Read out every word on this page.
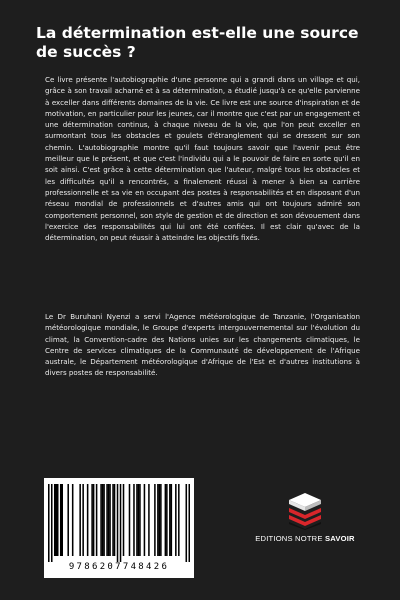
La détermination est-elle une source de succès ?

Ce livre présente l'autobiographie d'une personne qui a grandi dans un village et qui, grâce à son travail acharné et à sa détermination, a étudié jusqu'à ce qu'elle parvienne à exceller dans différents domaines de la vie. Ce livre est une source d'inspiration et de motivation, en particulier pour les jeunes, car il montre que c'est par un engagement et une détermination continus, à chaque niveau de la vie, que l'on peut exceller en surmontant tous les obstacles et goulets d'étranglement qui se dressent sur son chemin. L'autobiographie montre qu'il faut toujours savoir que l'avenir peut être meilleur que le présent, et que c'est l'individu qui a le pouvoir de faire en sorte qu'il en soit ainsi. C'est grâce à cette détermination que l'auteur, malgré tous les obstacles et les difficultés qu'il a rencontrés, a finalement réussi à mener à bien sa carrière professionnelle et sa vie en occupant des postes à responsabilités et en disposant d'un réseau mondial de professionnels et d'autres amis qui ont toujours admiré son comportement personnel, son style de gestion et de direction et son dévouement dans l'exercice des responsabilités qui lui ont été confiées. Il est clair qu'avec de la détermination, on peut réussir à atteindre les objectifs fixés.

Le Dr Buruhani Nyenzi a servi l'Agence météorologique de Tanzanie, l'Organisation météorologique mondiale, le Groupe d'experts intergouvernemental sur l'évolution du climat, la Convention-cadre des Nations unies sur les changements climatiques, le Centre de services climatiques de la Communauté de développement de l'Afrique australe, le Département météorologique d'Afrique de l'Est et d'autres institutions à divers postes de responsabilité.

9786207748426
EDITIONS NOTRE SAVOIR
